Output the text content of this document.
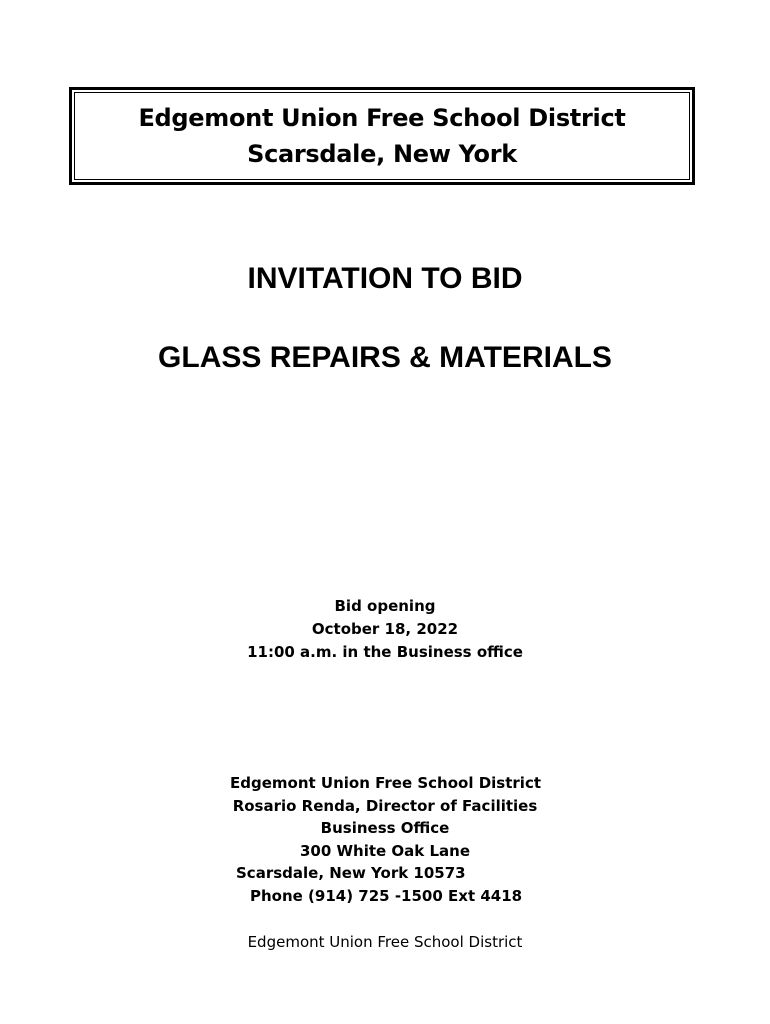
Edgemont Union Free School District
Scarsdale, New York
INVITATION TO BID
GLASS REPAIRS & MATERIALS
Bid opening
October 18, 2022
11:00 a.m. in the Business office
Edgemont Union Free School District
Rosario Renda, Director of Facilities
Business Office
300 White Oak Lane
Scarsdale, New York 10573
Phone (914) 725 -1500 Ext 4418
Edgemont Union Free School District
